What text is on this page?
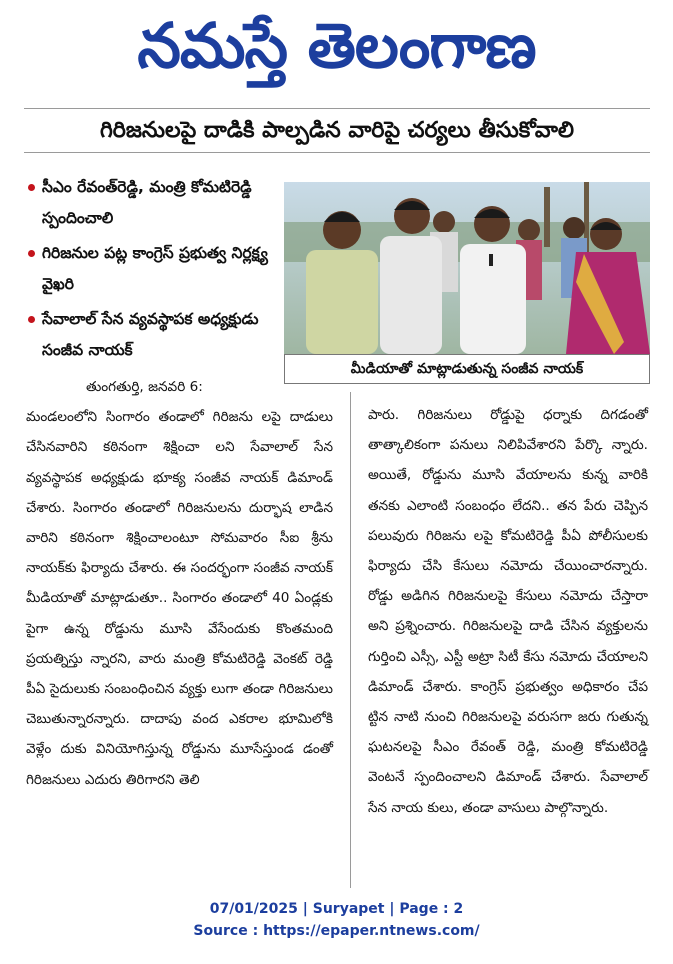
నమస్తే తెలంగాణ
గిరిజనులపై దాడికి పాల్పడిన వారిపై చర్యలు తీసుకోవాలి
సీఎం రేవంత్‌రెడ్డి, మంత్రి కోమటిరెడ్డి స్పందించాలి
గిరిజనుల పట్ల కాంగ్రెస్ ప్రభుత్వ నిర్లక్ష్య వైఖరి
సేవాలాల్ సేన వ్యవస్థాపక అధ్యక్షుడు సంజీవ నాయక్
మీడియాతో మాట్లాడుతున్న సంజీవ నాయక్
తుంగతుర్తి, జనవరి 6:
మండలంలోని సింగారం తండాలో గిరిజను లపై దాడులు చేసినవారిని కఠినంగా శిక్షించా లని సేవాలాల్ సేన వ్యవస్థాపక అధ్యక్షుడు భూక్య సంజీవ నాయక్ డిమాండ్ చేశారు. సింగారం తండాలో గిరిజనులను దుర్భాష లాడిన వారిని కఠినంగా శిక్షించాలంటూ సోమవారం సీఐ శ్రీను నాయక్‌కు ఫిర్యాదు చేశారు. ఈ సందర్భంగా సంజీవ నాయక్ మీడియాతో మాట్లాడుతూ.. సింగారం తండాలో 40 ఏండ్లకు పైగా ఉన్న రోడ్డును మూసి వేసేందుకు కొంతమంది ప్రయత్నిస్తు న్నారని, వారు మంత్రి కోమటిరెడ్డి వెంకట్ రెడ్డి పీఏ సైదులుకు సంబంధించిన వ్యక్తు లుగా తండా గిరిజనులు చెబుతున్నారన్నారు. దాదాపు వంద ఎకరాల భూమిలోకి వెళ్లేం దుకు వినియోగిస్తున్న రోడ్డును మూసేస్తుండ డంతో గిరిజనులు ఎదురు తిరిగారని తెలి
పారు. గిరిజనులు రోడ్డుపై ధర్నాకు దిగడంతో తాత్కాలికంగా పనులు నిలిపివేశారని పేర్కొ న్నారు. అయితే, రోడ్డును మూసి వేయాలను కున్న వారికి తనకు ఎలాంటి సంబంధం లేదని.. తన పేరు చెప్పిన పలువురు గిరిజను లపై కోమటిరెడ్డి పీఏ పోలీసులకు ఫిర్యాదు చేసి కేసులు నమోదు చేయించారన్నారు. రోడ్డు అడిగిన గిరిజనులపై కేసులు నమోదు చేస్తారా అని ప్రశ్నించారు. గిరిజనులపై దాడి చేసిన వ్యక్తులను గుర్తించి ఎస్సీ, ఎస్టీ అట్రా సిటీ కేసు నమోదు చేయాలని డిమాండ్ చేశారు. కాంగ్రెస్ ప్రభుత్వం అధికారం చేప ట్టిన నాటి నుంచి గిరిజనులపై వరుసగా జరు గుతున్న ఘటనలపై సీఎం రేవంత్ రెడ్డి, మంత్రి కోమటిరెడ్డి వెంటనే స్పందించాలని డిమాండ్ చేశారు. సేవాలాల్ సేన నాయ కులు, తండా వాసులు పాల్గొన్నారు.
07/01/2025 | Suryapet | Page : 2
Source : https://epaper.ntnews.com/
